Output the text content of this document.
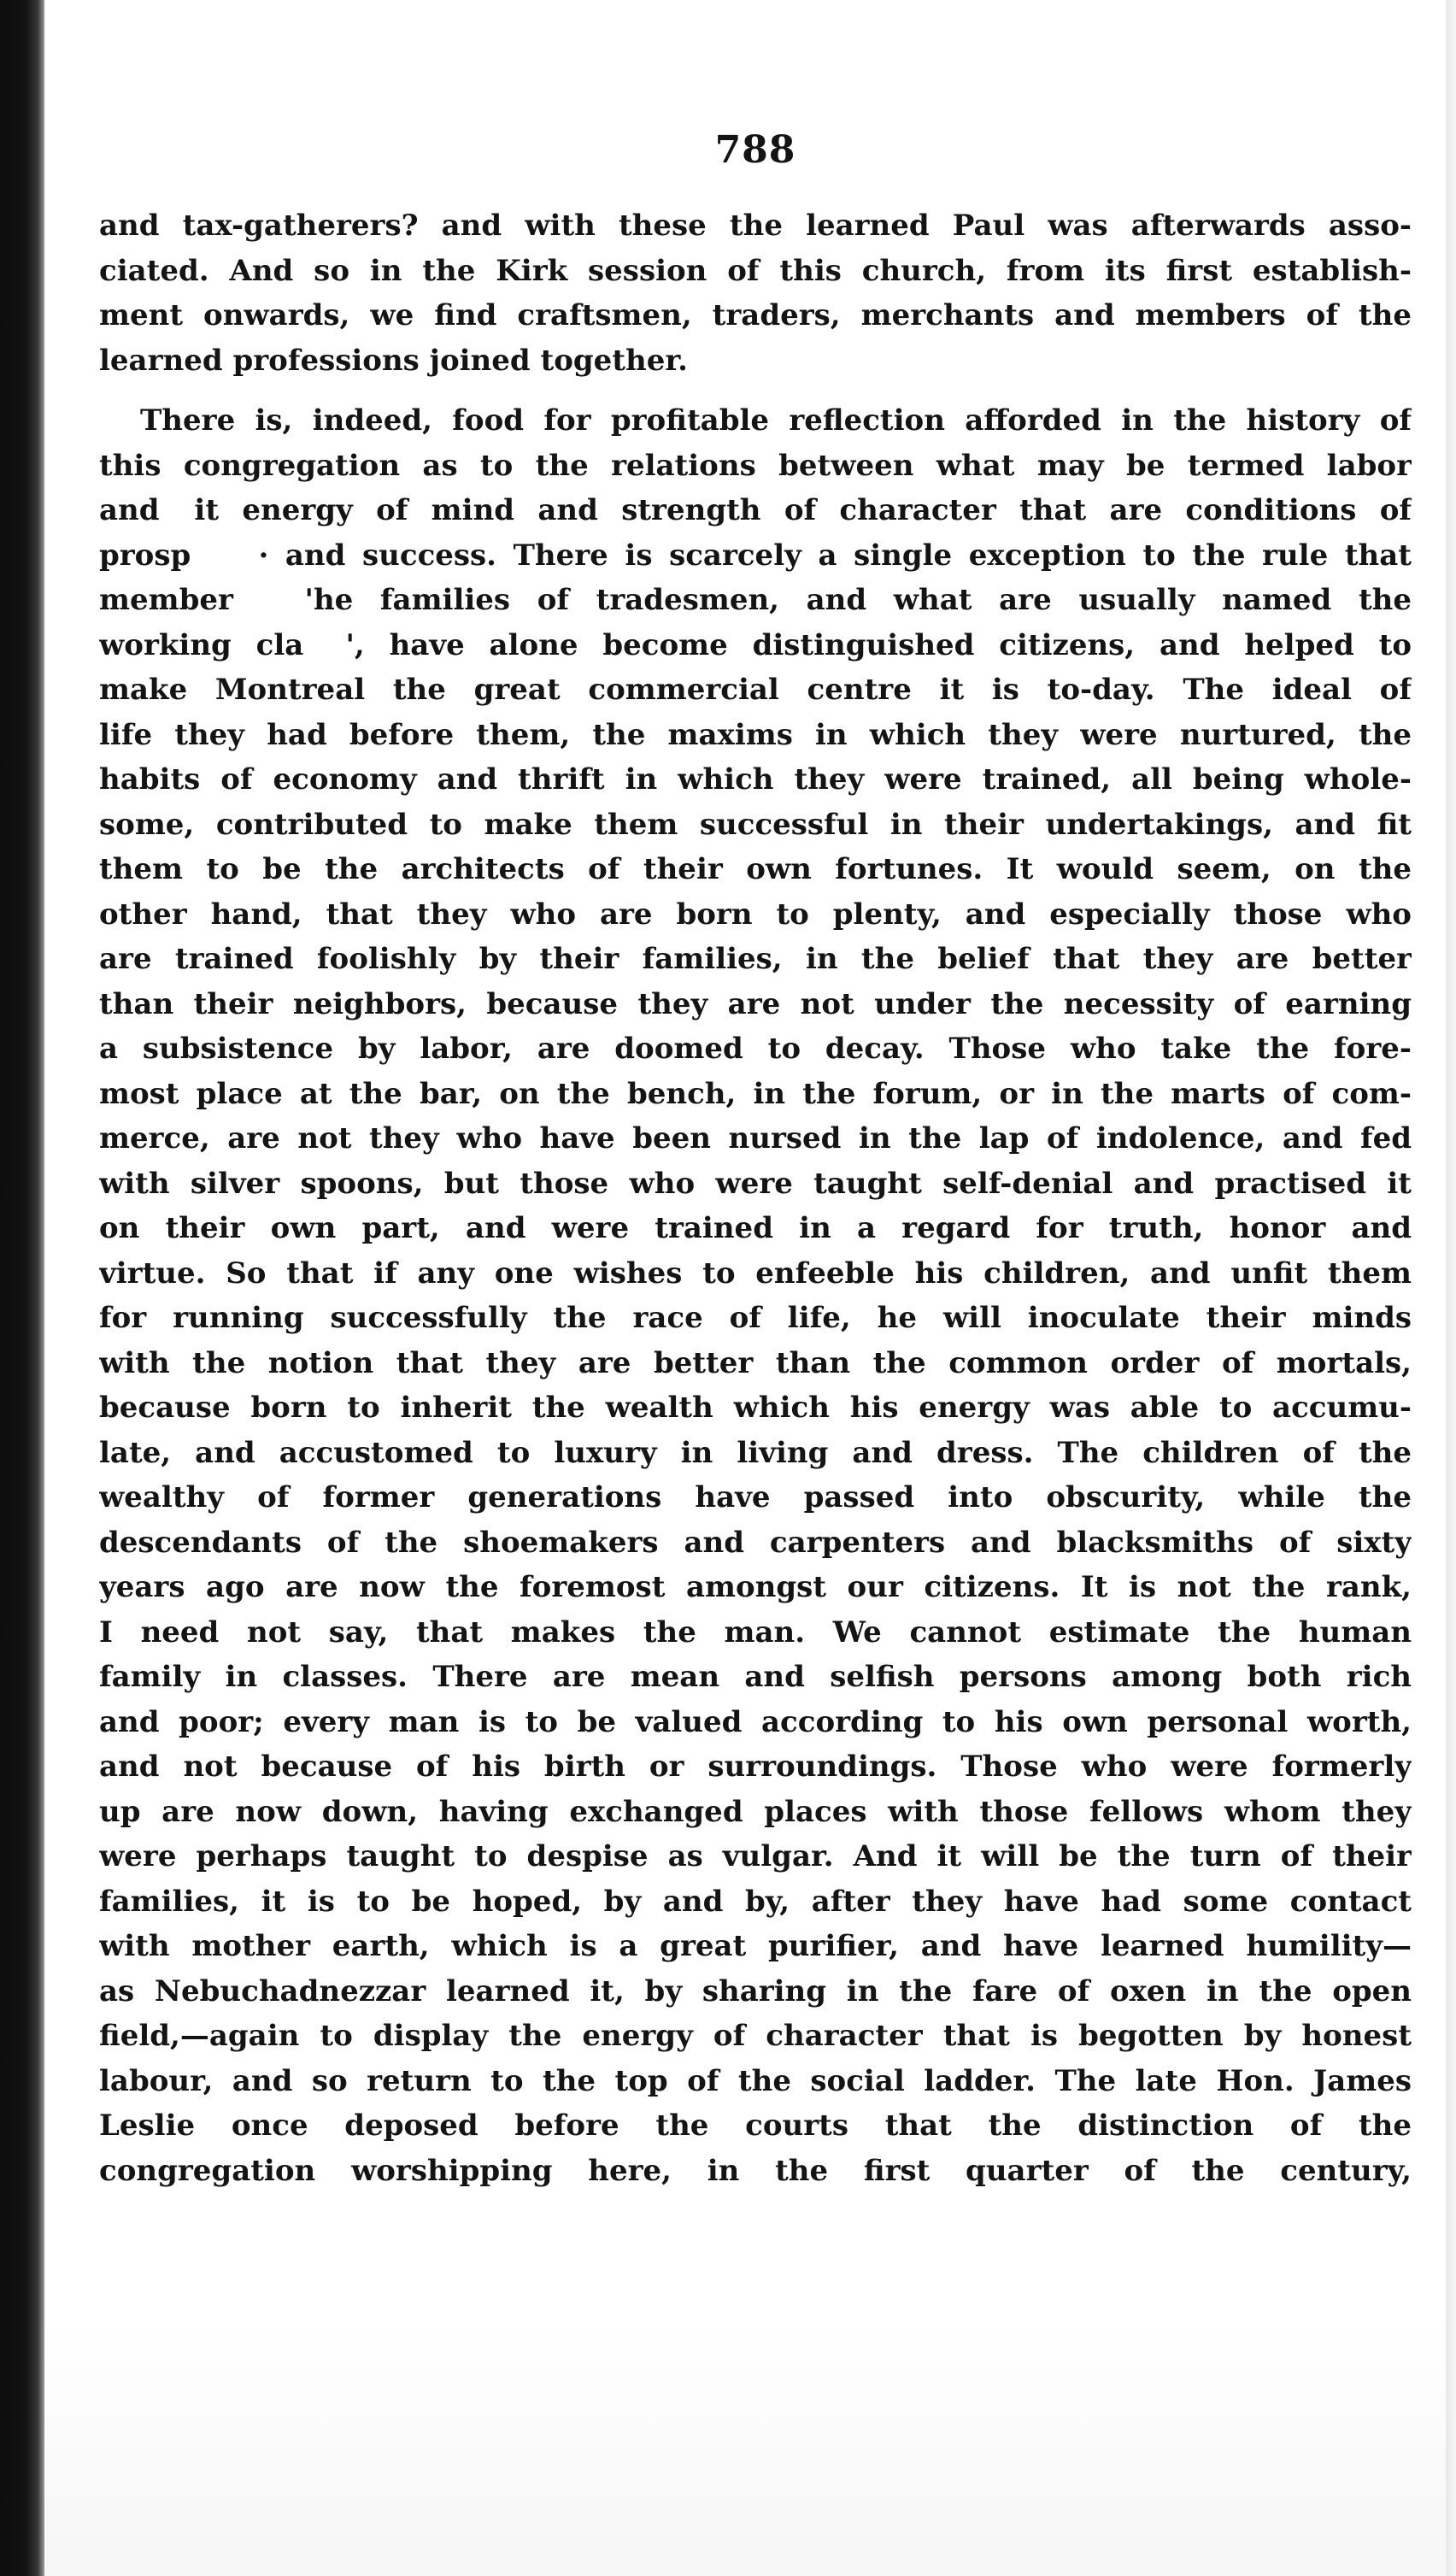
788
and tax-gatherers? and with these the learned Paul was afterwards asso-
ciated. And so in the Kirk session of this church, from its first establish-
ment onwards, we find craftsmen, traders, merchants and members of the
learned professions joined together.
There is, indeed, food for profitable reflection afforded in the history of
this congregation as to the relations between what may be termed labor
and   it energy of mind and strength of character that are conditions of
prosp      · and success. There is scarcely a single exception to the rule that
member     'he families of tradesmen, and what are usually named the
working cla    ', have alone become distinguished citizens, and helped to
make Montreal the great commercial centre it is to-day. The ideal of
life they had before them, the maxims in which they were nurtured, the
habits of economy and thrift in which they were trained, all being whole-
some, contributed to make them successful in their undertakings, and fit
them to be the architects of their own fortunes. It would seem, on the
other hand, that they who are born to plenty, and especially those who
are trained foolishly by their families, in the belief that they are better
than their neighbors, because they are not under the necessity of earning
a subsistence by labor, are doomed to decay. Those who take the fore-
most place at the bar, on the bench, in the forum, or in the marts of com-
merce, are not they who have been nursed in the lap of indolence, and fed
with silver spoons, but those who were taught self-denial and practised it
on their own part, and were trained in a regard for truth, honor and
virtue. So that if any one wishes to enfeeble his children, and unfit them
for running successfully the race of life, he will inoculate their minds
with the notion that they are better than the common order of mortals,
because born to inherit the wealth which his energy was able to accumu-
late, and accustomed to luxury in living and dress. The children of the
wealthy of former generations have passed into obscurity, while the
descendants of the shoemakers and carpenters and blacksmiths of sixty
years ago are now the foremost amongst our citizens. It is not the rank,
I need not say, that makes the man. We cannot estimate the human
family in classes. There are mean and selfish persons among both rich
and poor; every man is to be valued according to his own personal worth,
and not because of his birth or surroundings. Those who were formerly
up are now down, having exchanged places with those fellows whom they
were perhaps taught to despise as vulgar. And it will be the turn of their
families, it is to be hoped, by and by, after they have had some contact
with mother earth, which is a great purifier, and have learned humility—
as Nebuchadnezzar learned it, by sharing in the fare of oxen in the open
field,—again to display the energy of character that is begotten by honest
labour, and so return to the top of the social ladder. The late Hon. James
Leslie once deposed before the courts that the distinction of the
congregation worshipping here, in the first quarter of the century,
